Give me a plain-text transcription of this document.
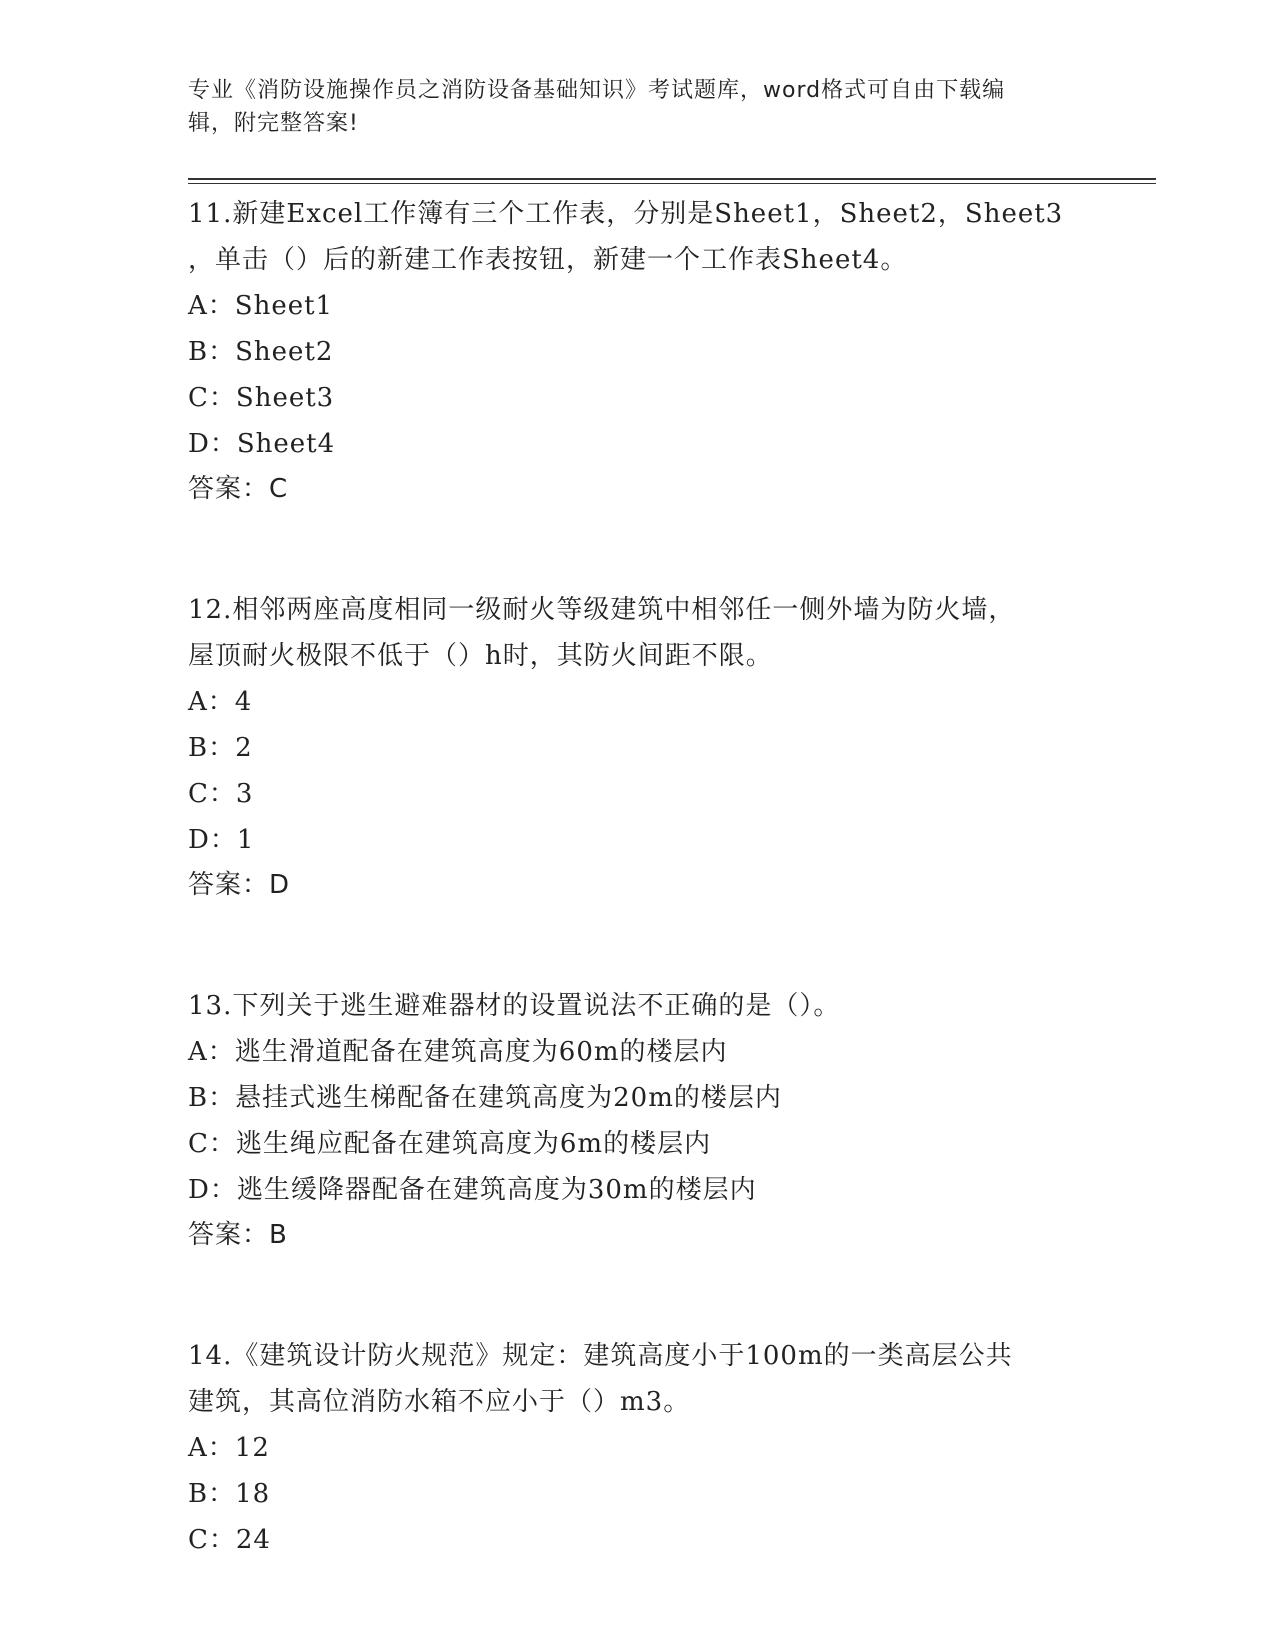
专业《消防设施操作员之消防设备基础知识》考试题库，word格式可自由下载编
辑，附完整答案!
11.新建Excel工作簿有三个工作表，分别是Sheet1，Sheet2，Sheet3
，单击（）后的新建工作表按钮，新建一个工作表Sheet4。
A：Sheet1
B：Sheet2
C：Sheet3
D：Sheet4
答案：C
12.相邻两座高度相同一级耐火等级建筑中相邻任一侧外墙为防火墙，
屋顶耐火极限不低于（）h时，其防火间距不限。
A：4
B：2
C：3
D：1
答案：D
13.下列关于逃生避难器材的设置说法不正确的是（）。
A：逃生滑道配备在建筑高度为60m的楼层内
B：悬挂式逃生梯配备在建筑高度为20m的楼层内
C：逃生绳应配备在建筑高度为6m的楼层内
D：逃生缓降器配备在建筑高度为30m的楼层内
答案：B
14.《建筑设计防火规范》规定：建筑高度小于100m的一类高层公共
建筑，其高位消防水箱不应小于（）m3。
A：12
B：18
C：24
